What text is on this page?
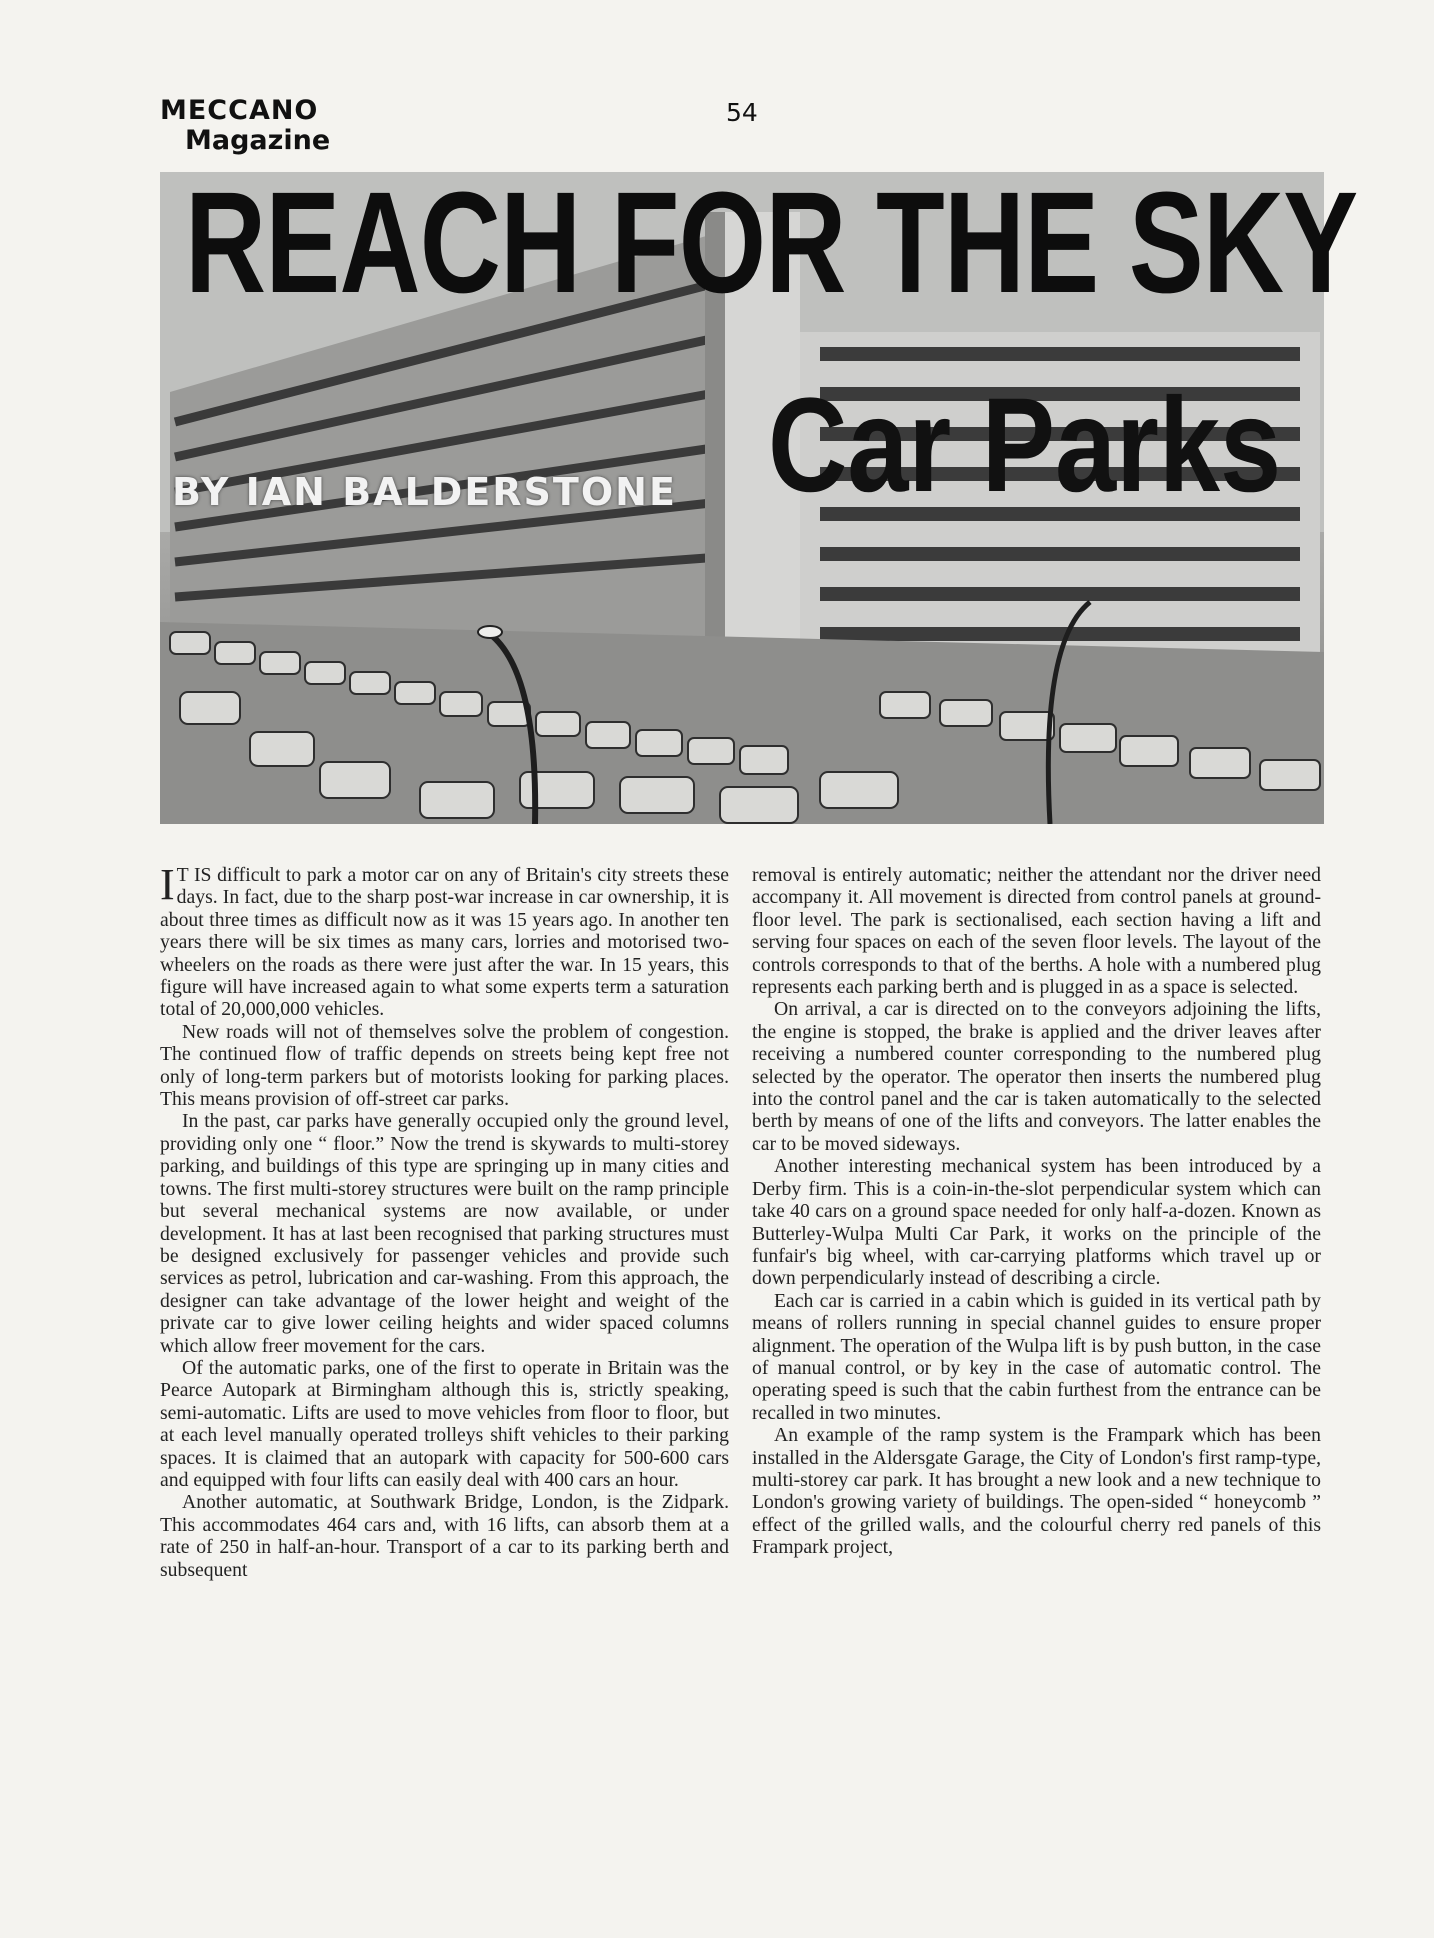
MECCANO
Magazine
54
REACH FOR THE SKY
Car Parks
BY IAN BALDERSTONE

I T IS difficult to park a motor car on any of Britain's city streets these days. In fact, due to the sharp post-war increase in car ownership, it is about three times as difficult now as it was 15 years ago. In another ten years there will be six times as many cars, lorries and motorised two-wheelers on the roads as there were just after the war. In 15 years, this figure will have increased again to what some experts term a saturation total of 20,000,000 vehicles.

New roads will not of themselves solve the problem of congestion. The continued flow of traffic depends on streets being kept free not only of long-term parkers but of motorists looking for parking places. This means provision of off-street car parks.

In the past, car parks have generally occupied only the ground level, providing only one “ floor.” Now the trend is skywards to multi-storey parking, and buildings of this type are springing up in many cities and towns. The first multi-storey structures were built on the ramp principle but several mechanical systems are now available, or under development. It has at last been recognised that parking structures must be designed exclusively for passenger vehicles and provide such services as petrol, lubrication and car-washing. From this approach, the designer can take advantage of the lower height and weight of the private car to give lower ceiling heights and wider spaced columns which allow freer movement for the cars.

Of the automatic parks, one of the first to operate in Britain was the Pearce Autopark at Birmingham although this is, strictly speaking, semi-automatic. Lifts are used to move vehicles from floor to floor, but at each level manually operated trolleys shift vehicles to their parking spaces. It is claimed that an autopark with capacity for 500-600 cars and equipped with four lifts can easily deal with 400 cars an hour.

Another automatic, at Southwark Bridge, London, is the Zidpark. This accommodates 464 cars and, with 16 lifts, can absorb them at a rate of 250 in half-an-hour. Transport of a car to its parking berth and subsequent

removal is entirely automatic; neither the attendant nor the driver need accompany it. All movement is directed from control panels at ground-floor level. The park is sectionalised, each section having a lift and serving four spaces on each of the seven floor levels. The layout of the controls corresponds to that of the berths. A hole with a numbered plug represents each parking berth and is plugged in as a space is selected.

On arrival, a car is directed on to the conveyors adjoining the lifts, the engine is stopped, the brake is applied and the driver leaves after receiving a numbered counter corresponding to the numbered plug selected by the operator. The operator then inserts the numbered plug into the control panel and the car is taken automatically to the selected berth by means of one of the lifts and conveyors. The latter enables the car to be moved sideways.

Another interesting mechanical system has been introduced by a Derby firm. This is a coin-in-the-slot perpendicular system which can take 40 cars on a ground space needed for only half-a-dozen. Known as Butterley-Wulpa Multi Car Park, it works on the principle of the funfair's big wheel, with car-carrying platforms which travel up or down perpendicularly instead of describing a circle.

Each car is carried in a cabin which is guided in its vertical path by means of rollers running in special channel guides to ensure proper alignment. The operation of the Wulpa lift is by push button, in the case of manual control, or by key in the case of automatic control. The operating speed is such that the cabin furthest from the entrance can be recalled in two minutes.

An example of the ramp system is the Frampark which has been installed in the Aldersgate Garage, the City of London's first ramp-type, multi-storey car park. It has brought a new look and a new technique to London's growing variety of buildings. The open-sided “ honeycomb ” effect of the grilled walls, and the colourful cherry red panels of this Frampark project,
